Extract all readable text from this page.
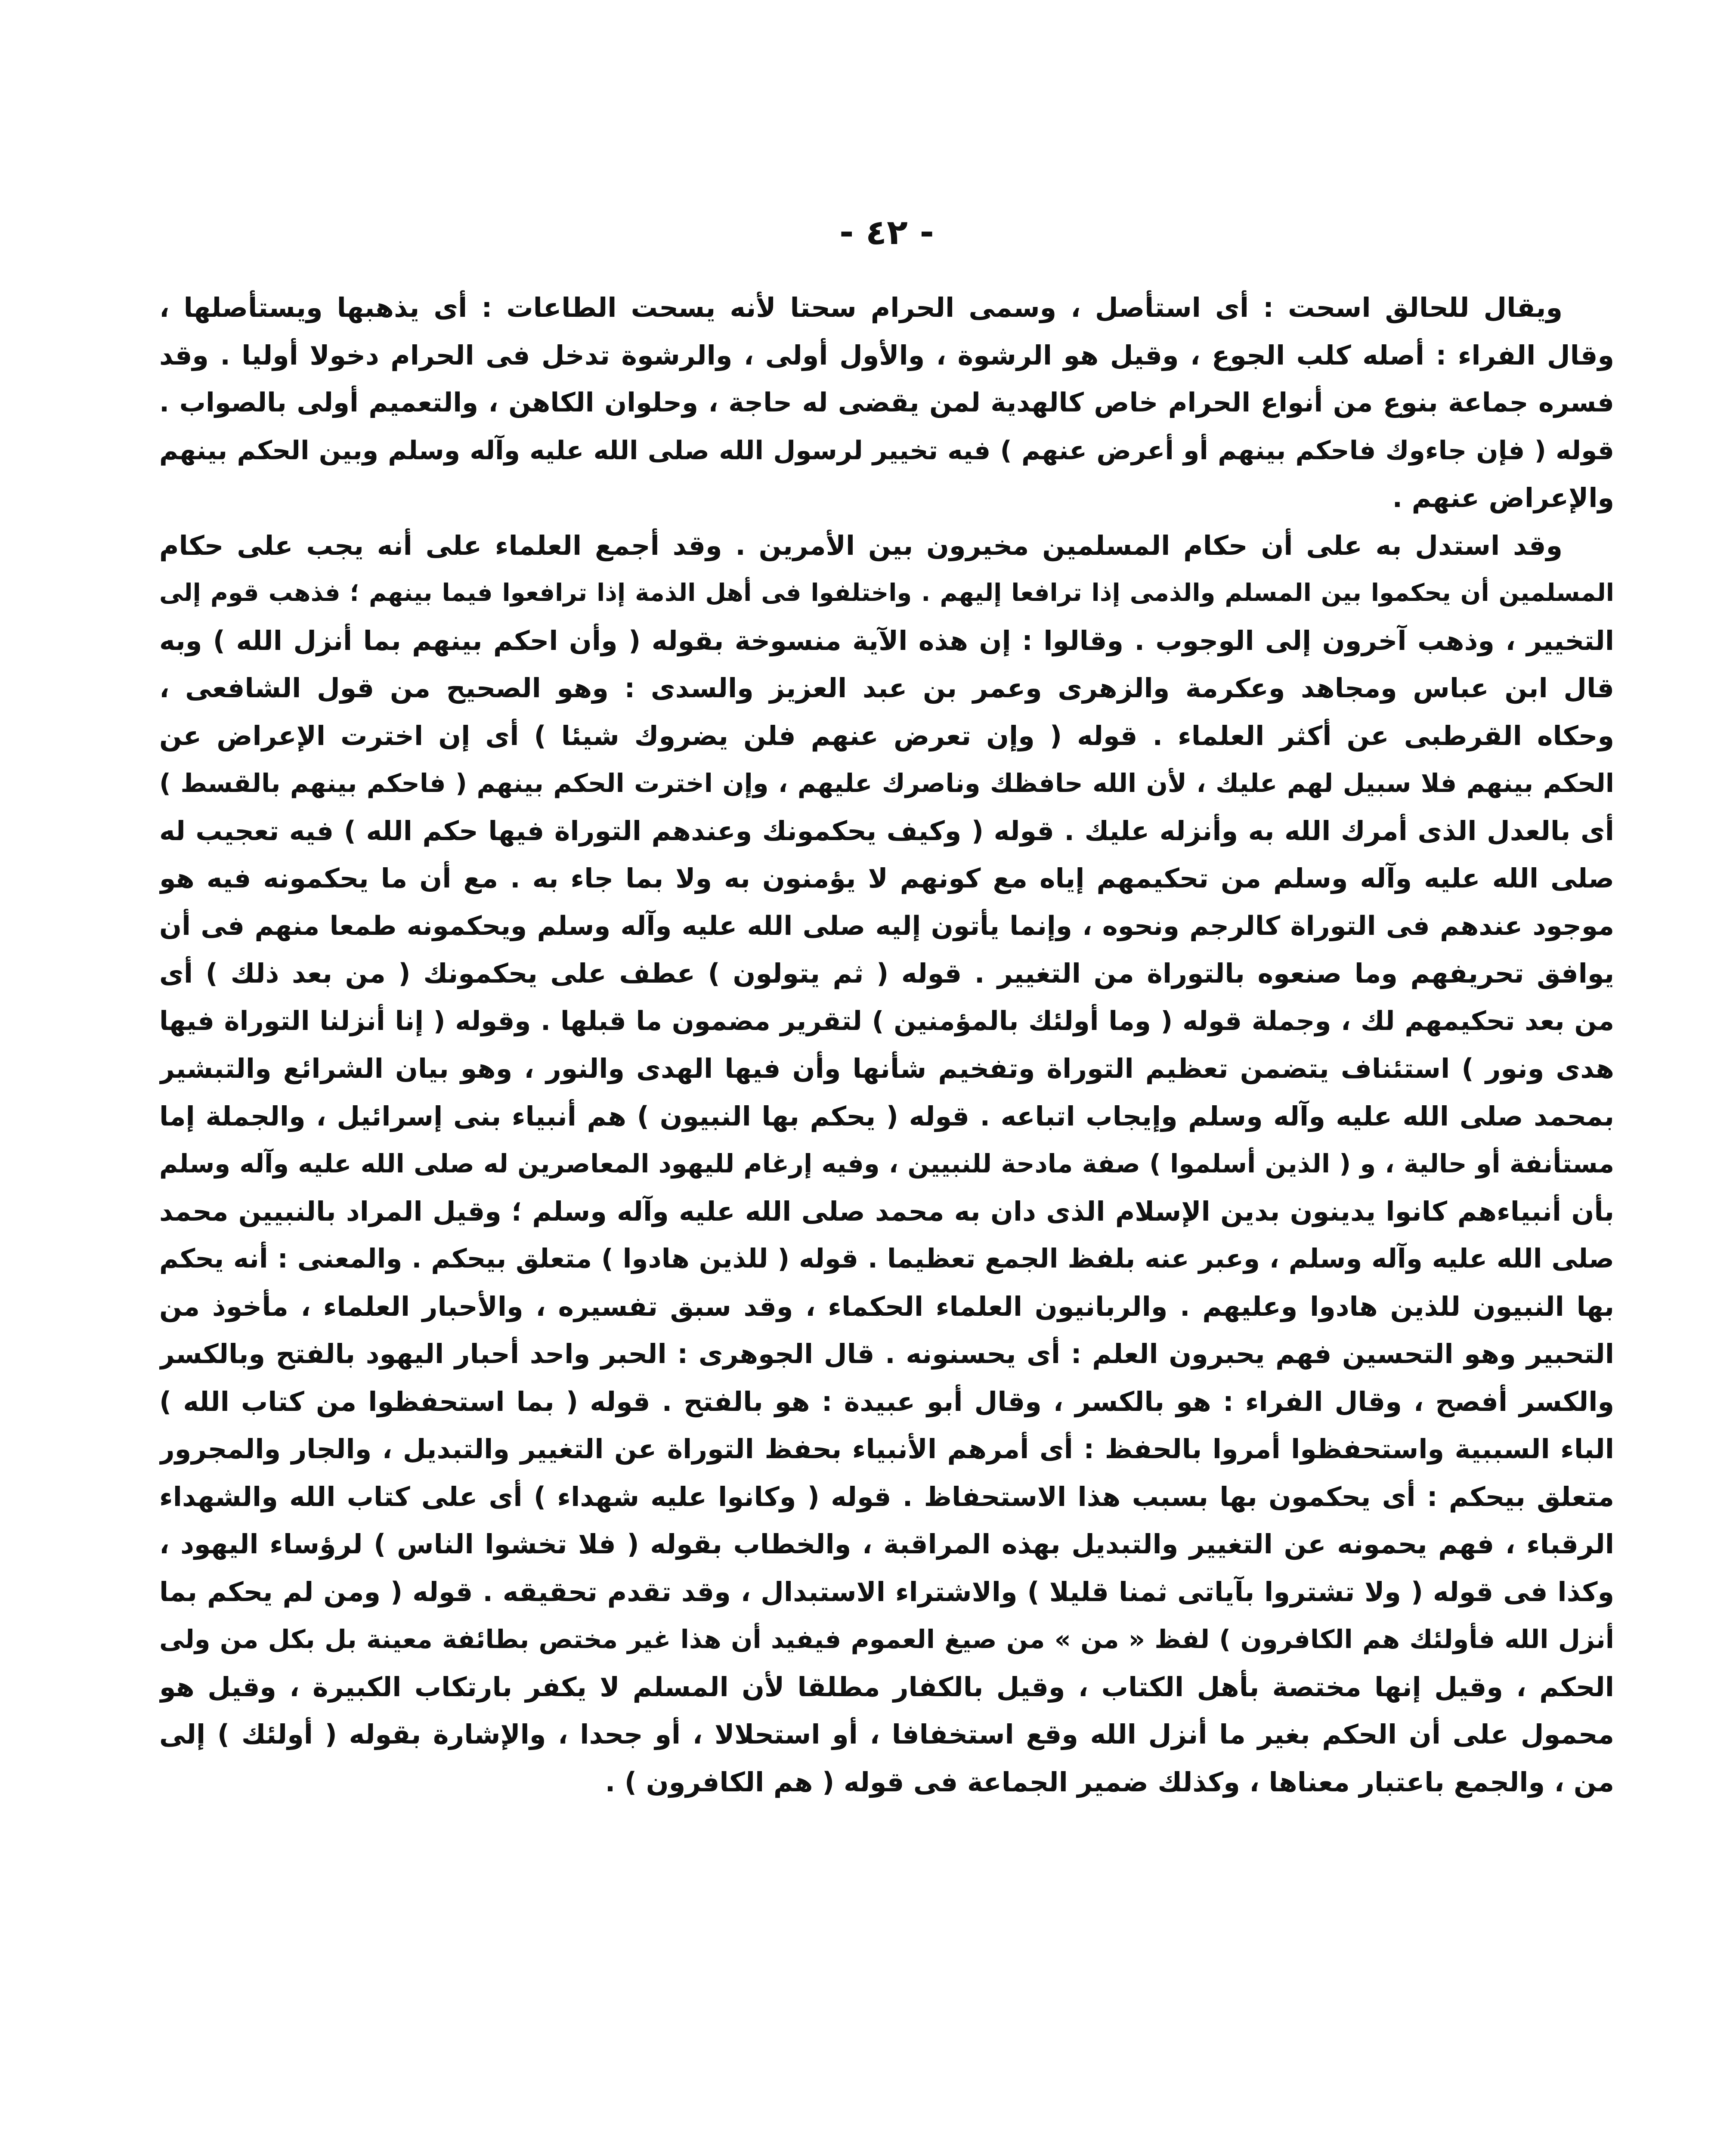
- ٤٢ -
ويقال للحالق اسحت : أى استأصل ، وسمى الحرام سحتا لأنه يسحت الطاعات : أى يذهبها ويستأصلها ،
وقال الفراء : أصله كلب الجوع ، وقيل هو الرشوة ، والأول أولى ، والرشوة تدخل فى الحرام دخولا أوليا . وقد
فسره جماعة بنوع من أنواع الحرام خاص كالهدية لمن يقضى له حاجة ، وحلوان الكاهن ، والتعميم أولى بالصواب .
قوله ( فإن جاءوك فاحكم بينهم أو أعرض عنهم ) فيه تخيير لرسول الله صلى الله عليه وآله وسلم وبين الحكم بينهم
والإعراض عنهم .
وقد استدل به على أن حكام المسلمين مخيرون بين الأمرين . وقد أجمع العلماء على أنه يجب على حكام
المسلمين أن يحكموا بين المسلم والذمى إذا ترافعا إليهم . واختلفوا فى أهل الذمة إذا ترافعوا فيما بينهم ؛ فذهب قوم إلى
التخيير ، وذهب آخرون إلى الوجوب . وقالوا : إن هذه الآية منسوخة بقوله ( وأن احكم بينهم بما أنزل الله ) وبه
قال ابن عباس ومجاهد وعكرمة والزهرى وعمر بن عبد العزيز والسدى : وهو الصحيح من قول الشافعى ،
وحكاه القرطبى عن أكثر العلماء . قوله ( وإن تعرض عنهم فلن يضروك شيئا ) أى إن اخترت الإعراض عن
الحكم بينهم فلا سبيل لهم عليك ، لأن الله حافظك وناصرك عليهم ، وإن اخترت الحكم بينهم ( فاحكم بينهم بالقسط )
أى بالعدل الذى أمرك الله به وأنزله عليك . قوله ( وكيف يحكمونك وعندهم التوراة فيها حكم الله ) فيه تعجيب له
صلى الله عليه وآله وسلم من تحكيمهم إياه مع كونهم لا يؤمنون به ولا بما جاء به . مع أن ما يحكمونه فيه هو
موجود عندهم فى التوراة كالرجم ونحوه ، وإنما يأتون إليه صلى الله عليه وآله وسلم ويحكمونه طمعا منهم فى أن
يوافق تحريفهم وما صنعوه بالتوراة من التغيير . قوله ( ثم يتولون ) عطف على يحكمونك ( من بعد ذلك ) أى
من بعد تحكيمهم لك ، وجملة قوله ( وما أولئك بالمؤمنين ) لتقرير مضمون ما قبلها . وقوله ( إنا أنزلنا التوراة فيها
هدى ونور ) استئناف يتضمن تعظيم التوراة وتفخيم شأنها وأن فيها الهدى والنور ، وهو بيان الشرائع والتبشير
بمحمد صلى الله عليه وآله وسلم وإيجاب اتباعه . قوله ( يحكم بها النبيون ) هم أنبياء بنى إسرائيل ، والجملة إما
مستأنفة أو حالية ، و ( الذين أسلموا ) صفة مادحة للنبيين ، وفيه إرغام لليهود المعاصرين له صلى الله عليه وآله وسلم
بأن أنبياءهم كانوا يدينون بدين الإسلام الذى دان به محمد صلى الله عليه وآله وسلم ؛ وقيل المراد بالنبيين محمد
صلى الله عليه وآله وسلم ، وعبر عنه بلفظ الجمع تعظيما . قوله ( للذين هادوا ) متعلق بيحكم . والمعنى : أنه يحكم
بها النبيون للذين هادوا وعليهم . والربانيون العلماء الحكماء ، وقد سبق تفسيره ، والأحبار العلماء ، مأخوذ من
التحبير وهو التحسين فهم يحبرون العلم : أى يحسنونه . قال الجوهرى : الحبر واحد أحبار اليهود بالفتح وبالكسر
والكسر أفصح ، وقال الفراء : هو بالكسر ، وقال أبو عبيدة : هو بالفتح . قوله ( بما استحفظوا من كتاب الله )
الباء السببية واستحفظوا أمروا بالحفظ : أى أمرهم الأنبياء بحفظ التوراة عن التغيير والتبديل ، والجار والمجرور
متعلق بيحكم : أى يحكمون بها بسبب هذا الاستحفاظ . قوله ( وكانوا عليه شهداء ) أى على كتاب الله والشهداء
الرقباء ، فهم يحمونه عن التغيير والتبديل بهذه المراقبة ، والخطاب بقوله ( فلا تخشوا الناس ) لرؤساء اليهود ،
وكذا فى قوله ( ولا تشتروا بآياتى ثمنا قليلا ) والاشتراء الاستبدال ، وقد تقدم تحقيقه . قوله ( ومن لم يحكم بما
أنزل الله فأولئك هم الكافرون ) لفظ « من » من صيغ العموم فيفيد أن هذا غير مختص بطائفة معينة بل بكل من ولى
الحكم ، وقيل إنها مختصة بأهل الكتاب ، وقيل بالكفار مطلقا لأن المسلم لا يكفر بارتكاب الكبيرة ، وقيل هو
محمول على أن الحكم بغير ما أنزل الله وقع استخفافا ، أو استحلالا ، أو جحدا ، والإشارة بقوله ( أولئك ) إلى
من ، والجمع باعتبار معناها ، وكذلك ضمير الجماعة فى قوله ( هم الكافرون ) .
